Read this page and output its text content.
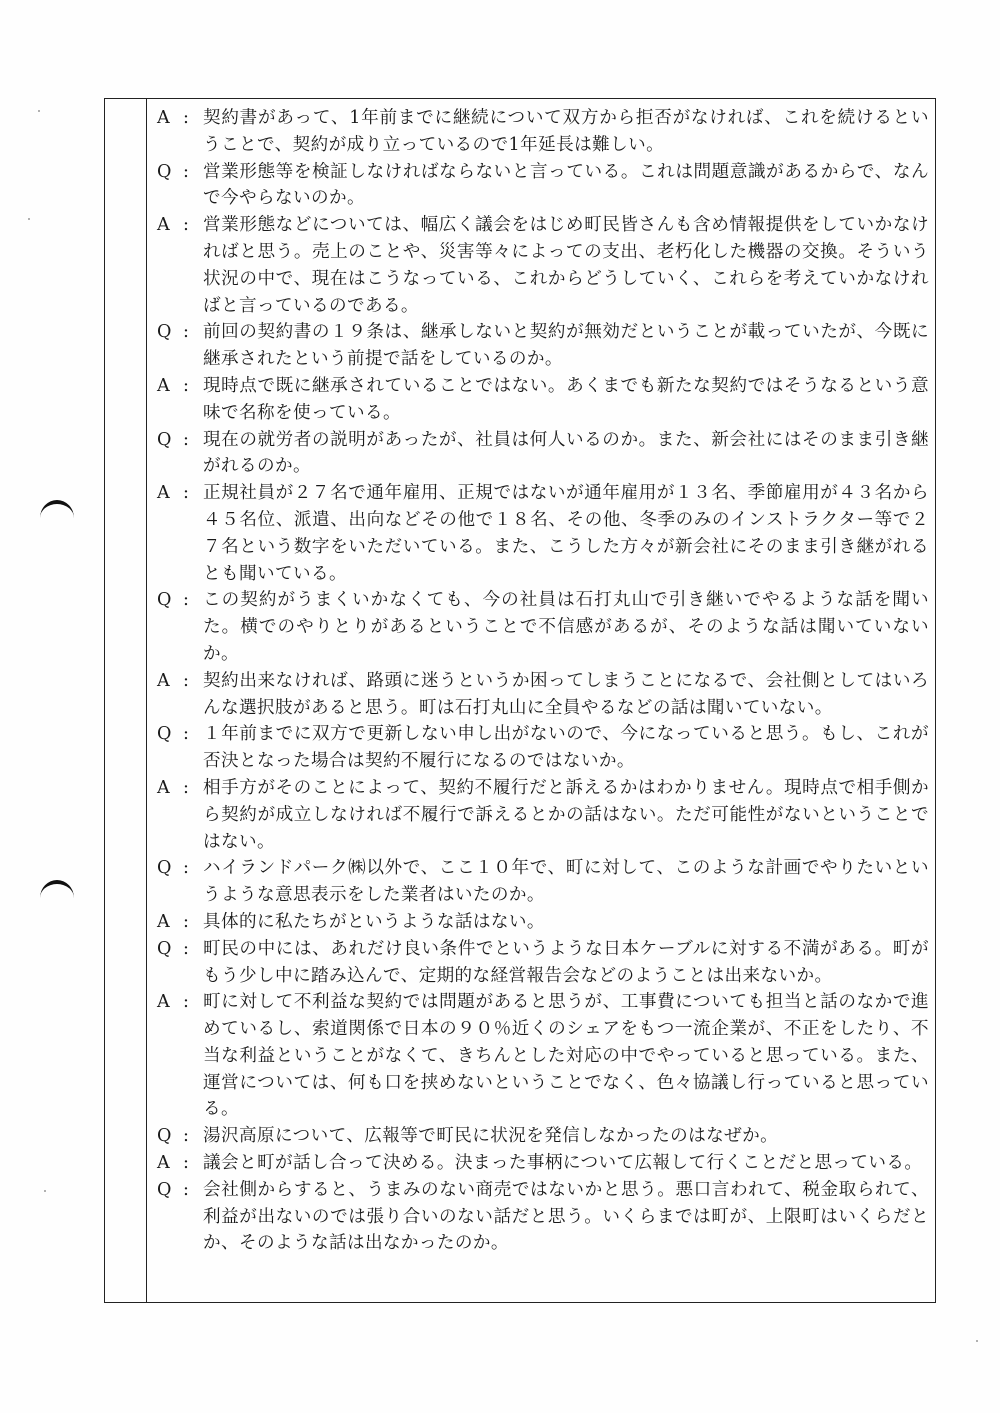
A : 契約書があって、1年前までに継続について双方から拒否がなければ、これを続けるということで、契約が成り立っているので1年延長は難しい。
Q : 営業形態等を検証しなければならないと言っている。これは問題意識があるからで、なんで今やらないのか。
A : 営業形態などについては、幅広く議会をはじめ町民皆さんも含め情報提供をしていかなければと思う。売上のことや、災害等々によっての支出、老朽化した機器の交換。そういう状況の中で、現在はこうなっている、これからどうしていく、これらを考えていかなければと言っているのである。
Q : 前回の契約書の１９条は、継承しないと契約が無効だということが載っていたが、今既に継承されたという前提で話をしているのか。
A : 現時点で既に継承されていることではない。あくまでも新たな契約ではそうなるという意味で名称を使っている。
Q : 現在の就労者の説明があったが、社員は何人いるのか。また、新会社にはそのまま引き継がれるのか。
A : 正規社員が２７名で通年雇用、正規ではないが通年雇用が１３名、季節雇用が４３名から４５名位、派遣、出向などその他で１８名、その他、冬季のみのインストラクター等で２７名という数字をいただいている。また、こうした方々が新会社にそのまま引き継がれるとも聞いている。
Q : この契約がうまくいかなくても、今の社員は石打丸山で引き継いでやるような話を聞いた。横でのやりとりがあるということで不信感があるが、そのような話は聞いていないか。
A : 契約出来なければ、路頭に迷うというか困ってしまうことになるで、会社側としてはいろんな選択肢があると思う。町は石打丸山に全員やるなどの話は聞いていない。
Q : １年前までに双方で更新しない申し出がないので、今になっていると思う。もし、これが否決となった場合は契約不履行になるのではないか。
A : 相手方がそのことによって、契約不履行だと訴えるかはわかりません。現時点で相手側から契約が成立しなければ不履行で訴えるとかの話はない。ただ可能性がないということではない。
Q : ハイランドパーク㈱以外で、ここ１０年で、町に対して、このような計画でやりたいというような意思表示をした業者はいたのか。
A : 具体的に私たちがというような話はない。
Q : 町民の中には、あれだけ良い条件でというような日本ケーブルに対する不満がある。町がもう少し中に踏み込んで、定期的な経営報告会などのようことは出来ないか。
A : 町に対して不利益な契約では問題があると思うが、工事費についても担当と話のなかで進めているし、索道関係で日本の９０％近くのシェアをもつ一流企業が、不正をしたり、不当な利益ということがなくて、きちんとした対応の中でやっていると思っている。また、運営については、何も口を挟めないということでなく、色々協議し行っていると思っている。
Q : 湯沢高原について、広報等で町民に状況を発信しなかったのはなぜか。
A : 議会と町が話し合って決める。決まった事柄について広報して行くことだと思っている。
Q : 会社側からすると、うまみのない商売ではないかと思う。悪口言われて、税金取られて、利益が出ないのでは張り合いのない話だと思う。いくらまでは町が、上限町はいくらだとか、そのような話は出なかったのか。
